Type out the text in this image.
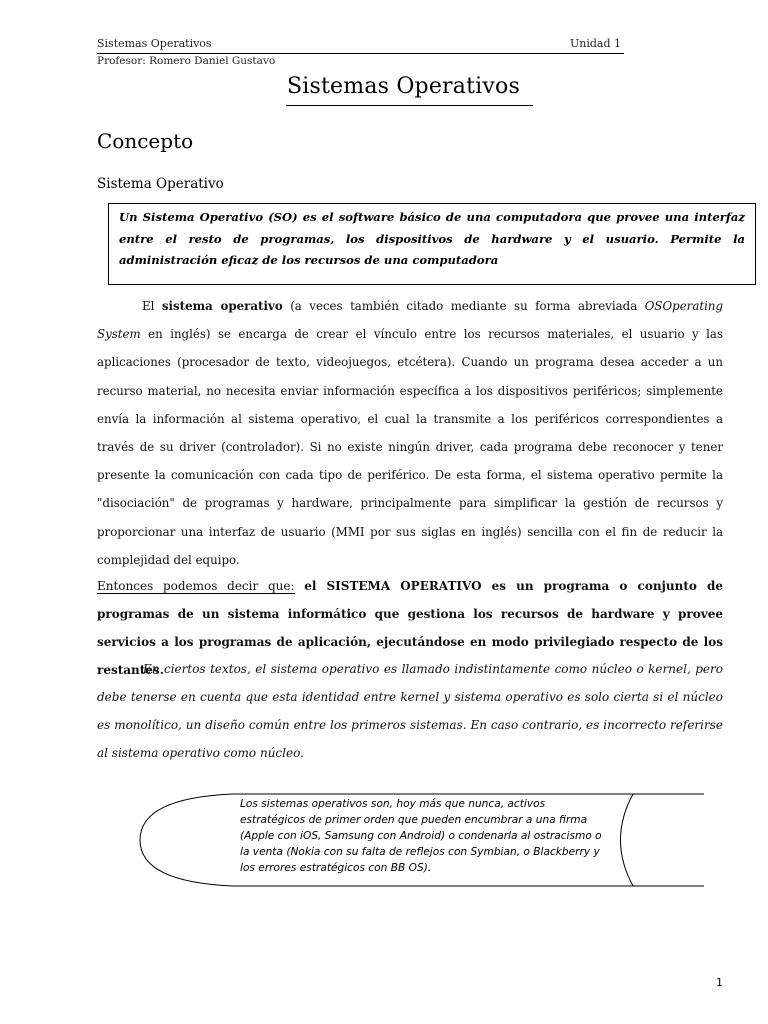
Sistemas Operativos	Unidad 1
Profesor: Romero Daniel Gustavo
Sistemas Operativos
Concepto
Sistema Operativo
Un Sistema Operativo (SO) es el software básico de una computadora que provee una interfaz entre el resto de programas, los dispositivos de hardware y el usuario. Permite la administración eficaz de los recursos de una computadora
El sistema operativo (a veces también citado mediante su forma abreviada OSOperating System en inglés) se encarga de crear el vínculo entre los recursos materiales, el usuario y las aplicaciones (procesador de texto, videojuegos, etcétera). Cuando un programa desea acceder a un recurso material, no necesita enviar información específica a los dispositivos periféricos; simplemente envía la información al sistema operativo, el cual la transmite a los periféricos correspondientes a través de su driver (controlador). Si no existe ningún driver, cada programa debe reconocer y tener presente la comunicación con cada tipo de periférico. De esta forma, el sistema operativo permite la "disociación" de programas y hardware, principalmente para simplificar la gestión de recursos y proporcionar una interfaz de usuario (MMI por sus siglas en inglés) sencilla con el fin de reducir la complejidad del equipo.
Entonces podemos decir que: el SISTEMA OPERATIVO es un programa o conjunto de programas de un sistema informático que gestiona los recursos de hardware y provee servicios a los programas de aplicación, ejecutándose en modo privilegiado respecto de los restantes.
En ciertos textos, el sistema operativo es llamado indistintamente como núcleo o kernel, pero debe tenerse en cuenta que esta identidad entre kernel y sistema operativo es solo cierta si el núcleo es monolítico, un diseño común entre los primeros sistemas. En caso contrario, es incorrecto referirse al sistema operativo como núcleo.
Los sistemas operativos son, hoy más que nunca, activos estratégicos de primer orden que pueden encumbrar a una firma (Apple con iOS, Samsung con Android) o condenarla al ostracismo o la venta (Nokia con su falta de reflejos con Symbian, o Blackberry y los errores estratégicos con BB OS).
1
